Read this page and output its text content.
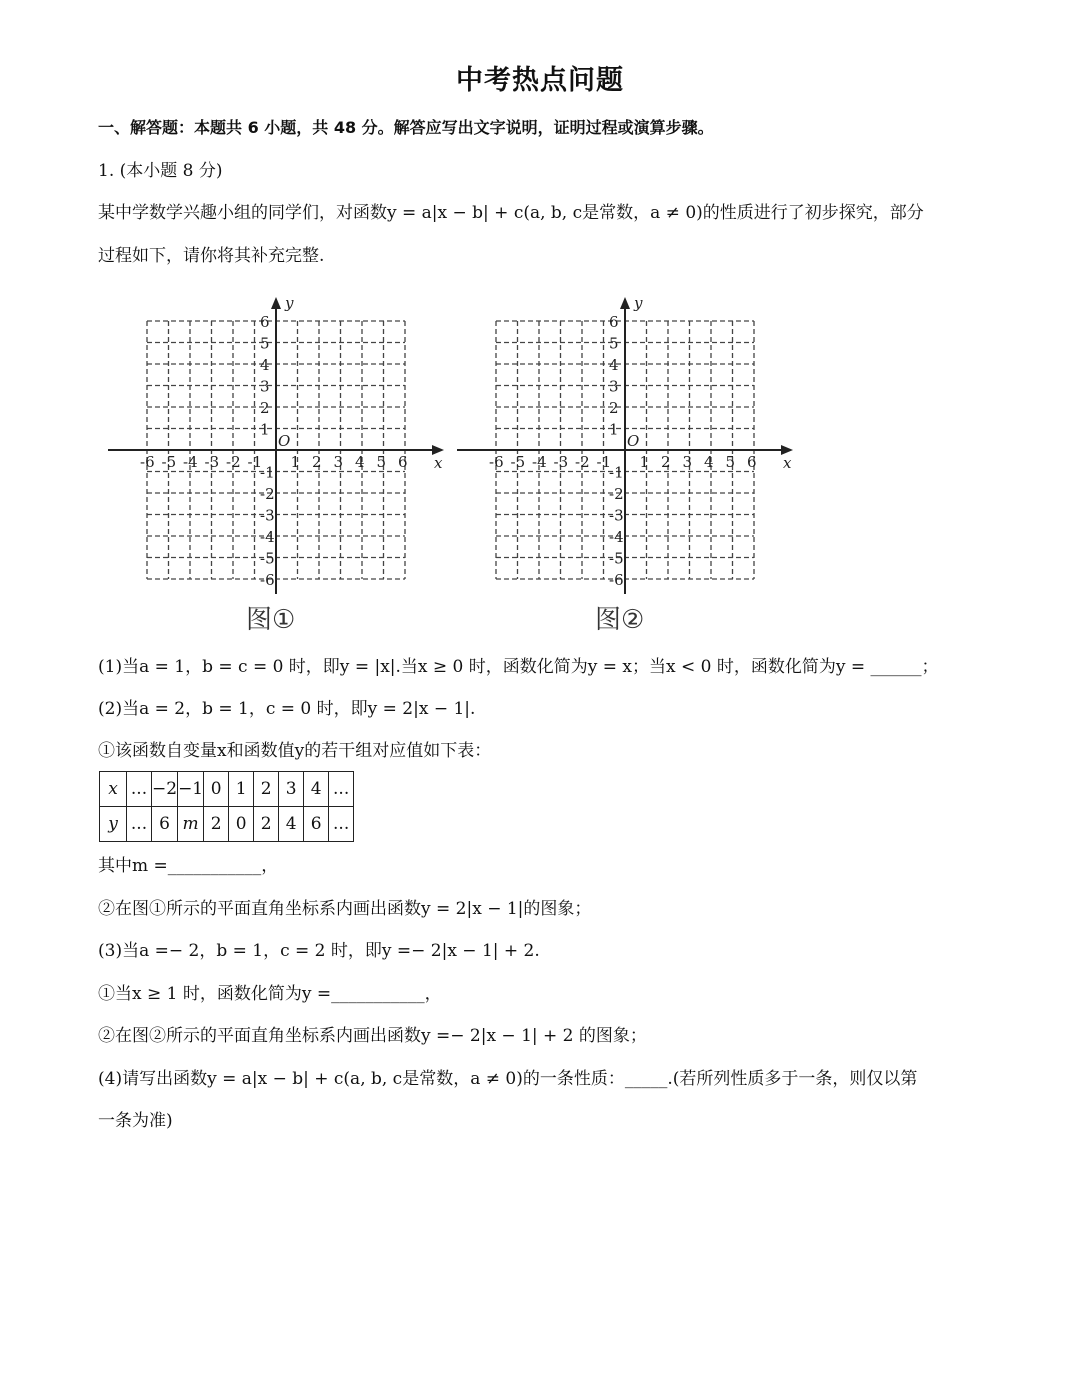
中考热点问题
一、解答题：本题共 6 小题，共 48 分。解答应写出文字说明，证明过程或演算步骤。
1. (本小题 8 分)
某中学数学兴趣小组的同学们，对函数y = a|x − b| + c(a, b, c是常数，a ≠ 0)的性质进行了初步探究，部分
过程如下，请你将其补充完整.
x
y
O
-6 -5 -4 -3 -2 -1 1 2 3 4 5 6
6
5
4
3
2
1
-1
-2
-3
-4
-5
-6
图①
x
y
O
-6 -5 -4 -3 -2 -1 1 2 3 4 5 6
6
5
4
3
2
1
-1
-2
-3
-4
-5
-6
图②
(1)当a = 1，b = c = 0 时，即y = |x|.当x ≥ 0 时，函数化简为y = x；当x < 0 时，函数化简为y = ______；
(2)当a = 2，b = 1，c = 0 时，即y = 2|x − 1|.
①该函数自变量x和函数值y的若干组对应值如下表：
x	...	−2	−1	0	1	2	3	4	...
y	...	6	m	2	0	2	4	6	...
其中m =___________，
②在图①所示的平面直角坐标系内画出函数y = 2|x − 1|的图象；
(3)当a =− 2，b = 1，c = 2 时，即y =− 2|x − 1| + 2.
①当x ≥ 1 时，函数化简为y =___________，
②在图②所示的平面直角坐标系内画出函数y =− 2|x − 1| + 2 的图象；
(4)请写出函数y = a|x − b| + c(a, b, c是常数，a ≠ 0)的一条性质：_____.(若所列性质多于一条，则仅以第
一条为准)
